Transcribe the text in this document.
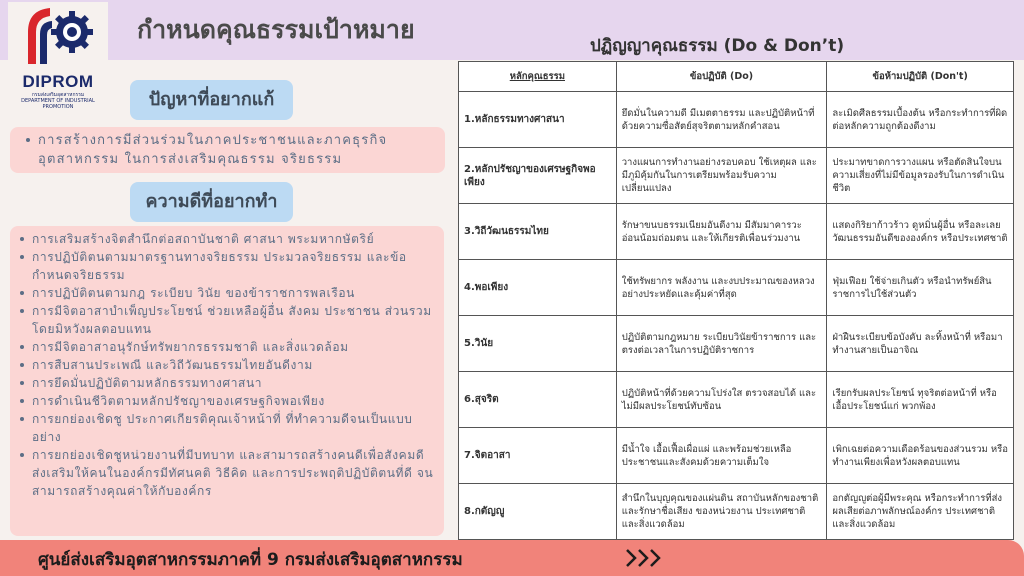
DIPROM
กรมส่งเสริมอุตสาหกรรม
DEPARTMENT OF INDUSTRIAL PROMOTION
กำหนดคุณธรรมเป้าหมาย
ปัญหาที่อยากแก้
การสร้างการมีส่วนร่วมในภาคประชาชนและภาคธุรกิจอุตสาหกรรม ในการส่งเสริมคุณธรรม จริยธรรม
ความดีที่อยากทำ
การเสริมสร้างจิตสำนึกต่อสถาบันชาติ ศาสนา พระมหากษัตริย์
การปฏิบัติตนตามมาตรฐานทางจริยธรรม ประมวลจริยธรรม และข้อกำหนดจริยธรรม
การปฏิบัติตนตามกฎ ระเบียบ วินัย ของข้าราชการพลเรือน
การมีจิตอาสาบำเพ็ญประโยชน์ ช่วยเหลือผู้อื่น สังคม ประชาชน ส่วนรวม โดยมิหวังผลตอบแทน
การมีจิตอาสาอนุรักษ์ทรัพยากรธรรมชาติ และสิ่งแวดล้อม
การสืบสานประเพณี และวิถีวัฒนธรรมไทยอันดีงาม
การยึดมั่นปฏิบัติตามหลักธรรมทางศาสนา
การดำเนินชีวิตตามหลักปรัชญาของเศรษฐกิจพอเพียง
การยกย่องเชิดชู ประกาศเกียรติคุณเจ้าหน้าที่ ที่ทำความดีจนเป็นแบบอย่าง
การยกย่องเชิดชูหน่วยงานที่มีบทบาท และสามารถสร้างคนดีเพื่อสังคมดี ส่งเสริมให้คนในองค์กรมีทัศนคติ วิธีคิด และการประพฤติปฏิบัติตนที่ดี จนสามารถสร้างคุณค่าให้กับองค์กร
ปฏิญญาคุณธรรม (Do & Don’t)
หลักคุณธรรม	ข้อปฏิบัติ (Do)	ข้อห้ามปฏิบัติ (Don't)
1.หลักธรรมทางศาสนา	ยึดมั่นในความดี มีเมตตาธรรม และปฏิบัติหน้าที่ด้วยความซื่อสัตย์สุจริตตามหลักคำสอน	ละเมิดศีลธรรมเบื้องต้น หรือกระทำการที่ผิดต่อหลักความถูกต้องดีงาม
2.หลักปรัชญาของเศรษฐกิจพอเพียง	วางแผนการทำงานอย่างรอบคอบ ใช้เหตุผล และมีภูมิคุ้มกันในการเตรียมพร้อมรับความเปลี่ยนแปลง	ประมาทขาดการวางแผน หรือตัดสินใจบนความเสี่ยงที่ไม่มีข้อมูลรองรับในการดำเนินชีวิต
3.วิถีวัฒนธรรมไทย	รักษาขนบธรรมเนียมอันดีงาม มีสัมมาคารวะ อ่อนน้อมถ่อมตน และให้เกียรติเพื่อนร่วมงาน	แสดงกิริยาก้าวร้าว ดูหมิ่นผู้อื่น หรือละเลยวัฒนธรรมอันดีขององค์กร หรือประเทศชาติ
4.พอเพียง	ใช้ทรัพยากร พลังงาน และงบประมาณของหลวงอย่างประหยัดและคุ้มค่าที่สุด	ฟุ่มเฟือย ใช้จ่ายเกินตัว หรือนำทรัพย์สินราชการไปใช้ส่วนตัว
5.วินัย	ปฏิบัติตามกฎหมาย ระเบียบวินัยข้าราชการ และตรงต่อเวลาในการปฏิบัติราชการ	ฝ่าฝืนระเบียบข้อบังคับ ละทิ้งหน้าที่ หรือมาทำงานสายเป็นอาจิณ
6.สุจริต	ปฏิบัติหน้าที่ด้วยความโปร่งใส ตรวจสอบได้ และไม่มีผลประโยชน์ทับซ้อน	เรียกรับผลประโยชน์ ทุจริตต่อหน้าที่ หรือเอื้อประโยชน์แก่ พวกพ้อง
7.จิตอาสา	มีน้ำใจ เอื้อเฟื้อเผื่อแผ่ และพร้อมช่วยเหลือประชาชนและสังคมด้วยความเต็มใจ	เพิกเฉยต่อความเดือดร้อนของส่วนรวม หรือทำงานเพียงเพื่อหวังผลตอบแทน
8.กตัญญู	สำนึกในบุญคุณของแผ่นดิน สถาบันหลักของชาติ และรักษาชื่อเสียง ของหน่วยงาน ประเทศชาติ และสิ่งแวดล้อม	อกตัญญูต่อผู้มีพระคุณ หรือกระทำการที่ส่งผลเสียต่อภาพลักษณ์องค์กร ประเทศชาติ และสิ่งแวดล้อม
ศูนย์ส่งเสริมอุตสาหกรรมภาคที่ 9 กรมส่งเสริมอุตสาหกรรม
